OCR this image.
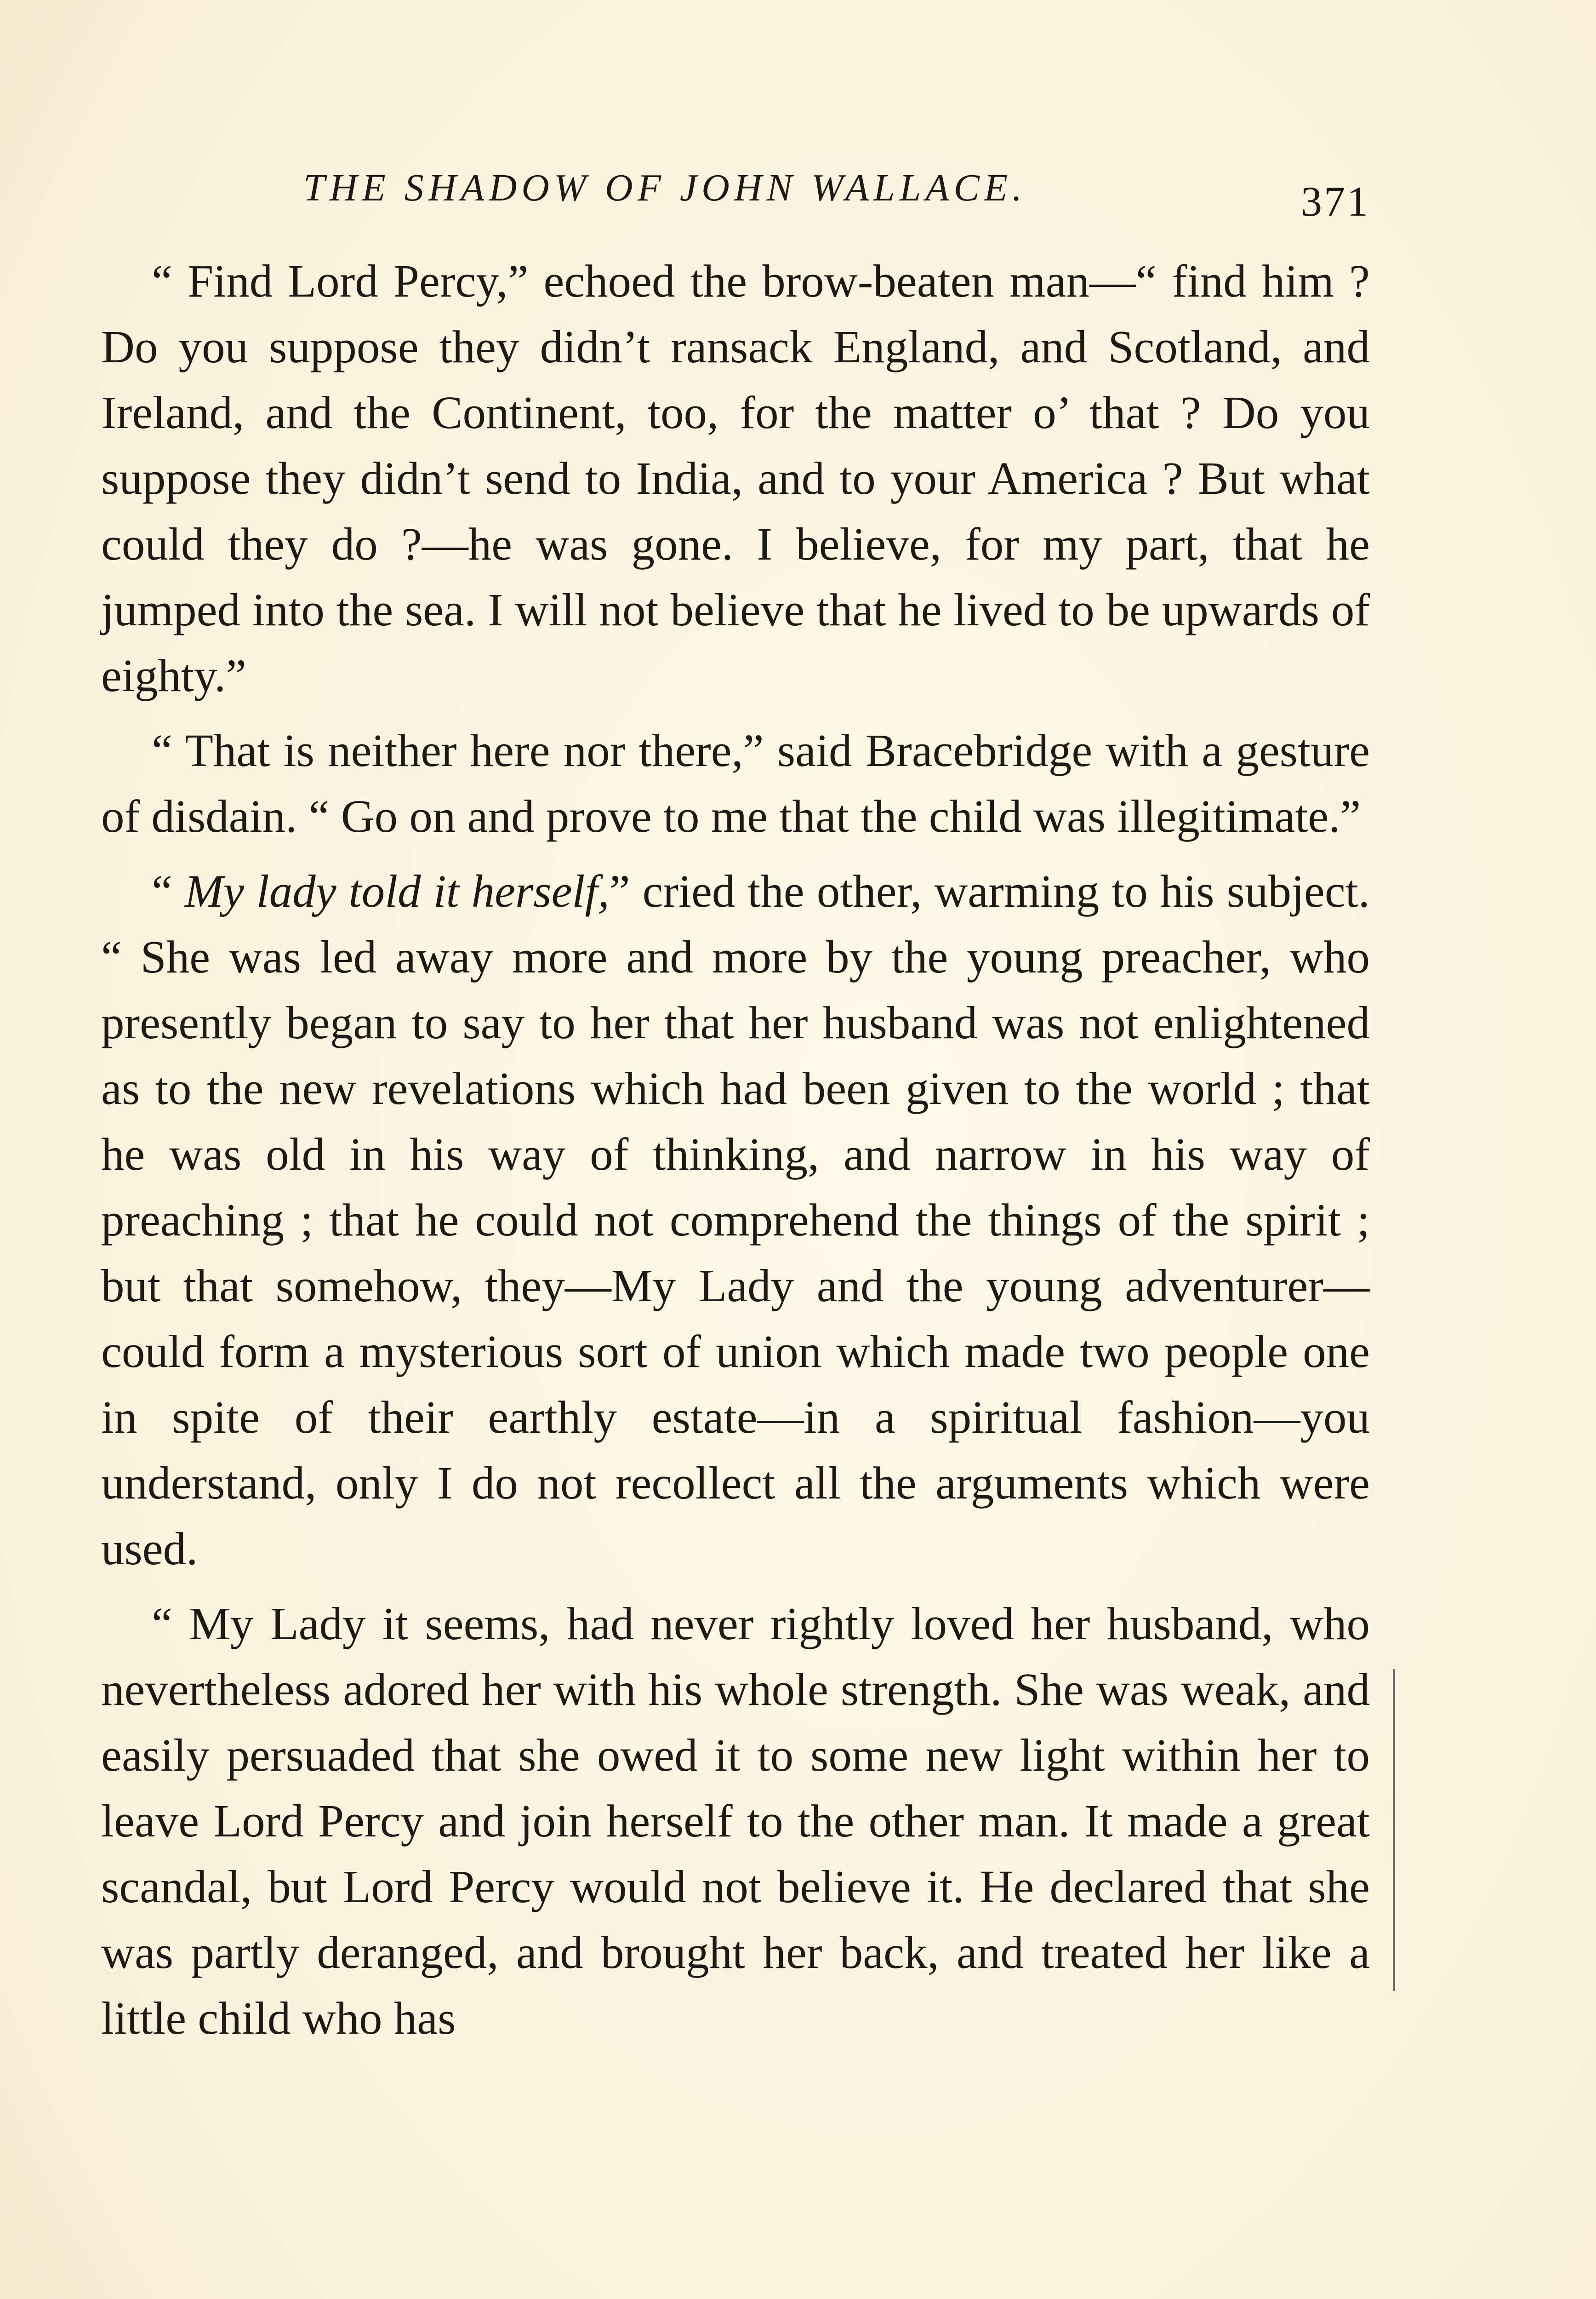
THE SHADOW OF JOHN WALLACE.	371

“ Find Lord Percy,” echoed the brow-beaten man—“ find him ? Do you suppose they didn’t ransack England, and Scotland, and Ireland, and the Continent, too, for the matter o’ that ? Do you suppose they didn’t send to India, and to your America ? But what could they do ?—he was gone. I believe, for my part, that he jumped into the sea. I will not believe that he lived to be upwards of eighty.”

“ That is neither here nor there,” said Bracebridge with a gesture of disdain. “ Go on and prove to me that the child was illegitimate.”

“ My lady told it herself,” cried the other, warming to his subject. “ She was led away more and more by the young preacher, who presently began to say to her that her husband was not enlightened as to the new revelations which had been given to the world ; that he was old in his way of thinking, and narrow in his way of preaching ; that he could not comprehend the things of the spirit ; but that somehow, they—My Lady and the young adventurer—could form a mysterious sort of union which made two people one in spite of their earthly estate—in a spiritual fashion—you understand, only I do not recollect all the arguments which were used.

“ My Lady it seems, had never rightly loved her husband, who nevertheless adored her with his whole strength. She was weak, and easily persuaded that she owed it to some new light within her to leave Lord Percy and join herself to the other man. It made a great scandal, but Lord Percy would not believe it. He declared that she was partly deranged, and brought her back, and treated her like a little child who has
